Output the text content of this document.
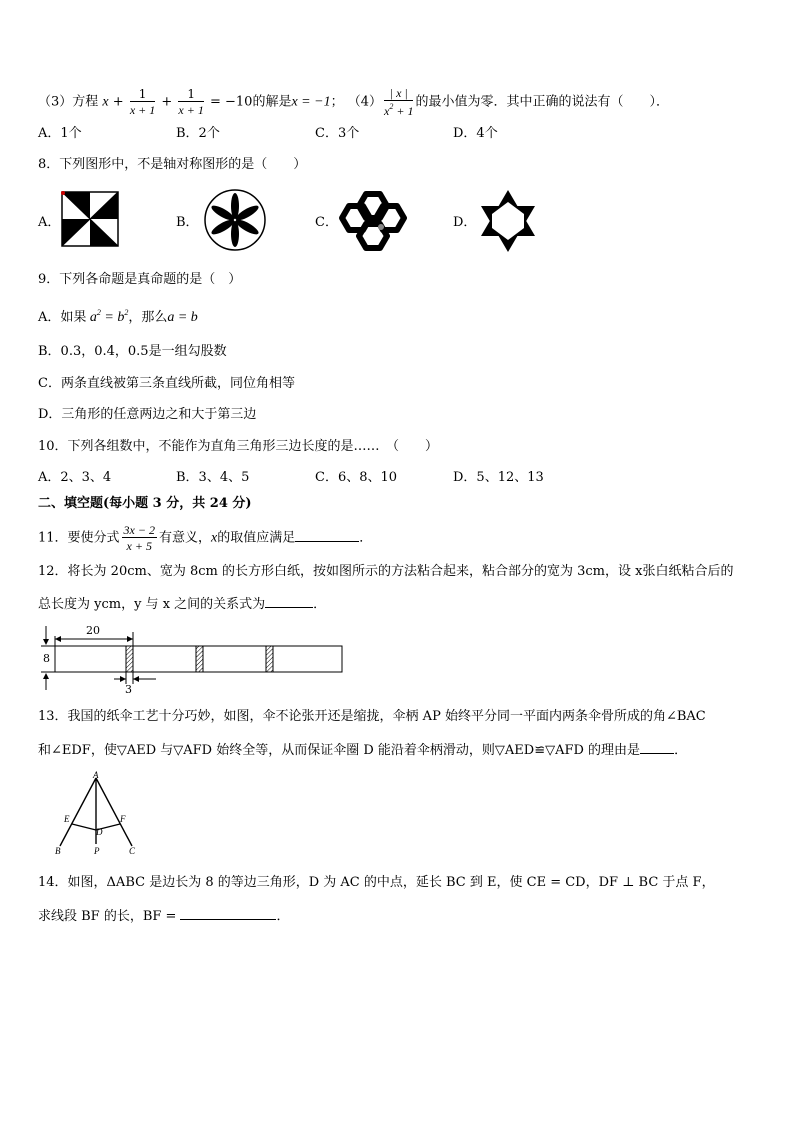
（3）方程 $x + \frac{1}{x + 1} + \frac{1}{x + 1} = -10$的解是x = −1； $(4) \frac{| x |}{x^2 + 1}$ 的最小值为零．其中正确的说法有（　　）．
A．1个	B．2个	C．3个	D．4个
8．下列图形中，不是轴对称图形的是（　　）
A．	B．	C．	D．
9．下列各命题是真命题的是（　）
A．如果 $a^2 = b^2$，那么a = b
B．0.3，0.4，0.5是一组勾股数
C．两条直线被第三条直线所截，同位角相等
D．三角形的任意两边之和大于第三边
10．下列各组数中，不能作为直角三角形三边长度的是……　（　　）
A．2、3、4	B．3、4、5	C．6、8、10	D．5、12、13
二、填空题(每小题 3 分，共 24 分)
11．要使分式 $\frac{3x - 2}{x + 5}$ 有意义，x的取值应满足	．
12．将长为 20cm、宽为 8cm 的长方形白纸，按如图所示的方法粘合起来，粘合部分的宽为 3cm，设 x张白纸粘合后的
总长度为 ycm，y 与 x 之间的关系式为	．
20
8
3
13．我国的纸伞工艺十分巧妙，如图，伞不论张开还是缩拢，伞柄 AP 始终平分同一平面内两条伞骨所成的角∠BAC
和∠EDF，使▽AED 与▽AFD 始终全等，从而保证伞圈 D 能沿着伞柄滑动，则▽AED≌▽AFD 的理由是	．
A
E	F
D
B	P	C
14．如图，ΔABC 是边长为 8 的等边三角形，D 为 AC 的中点，延长 BC 到 E，使 CE = CD，DF ⊥ BC 于点 F，
求线段 BF 的长，BF =	．
